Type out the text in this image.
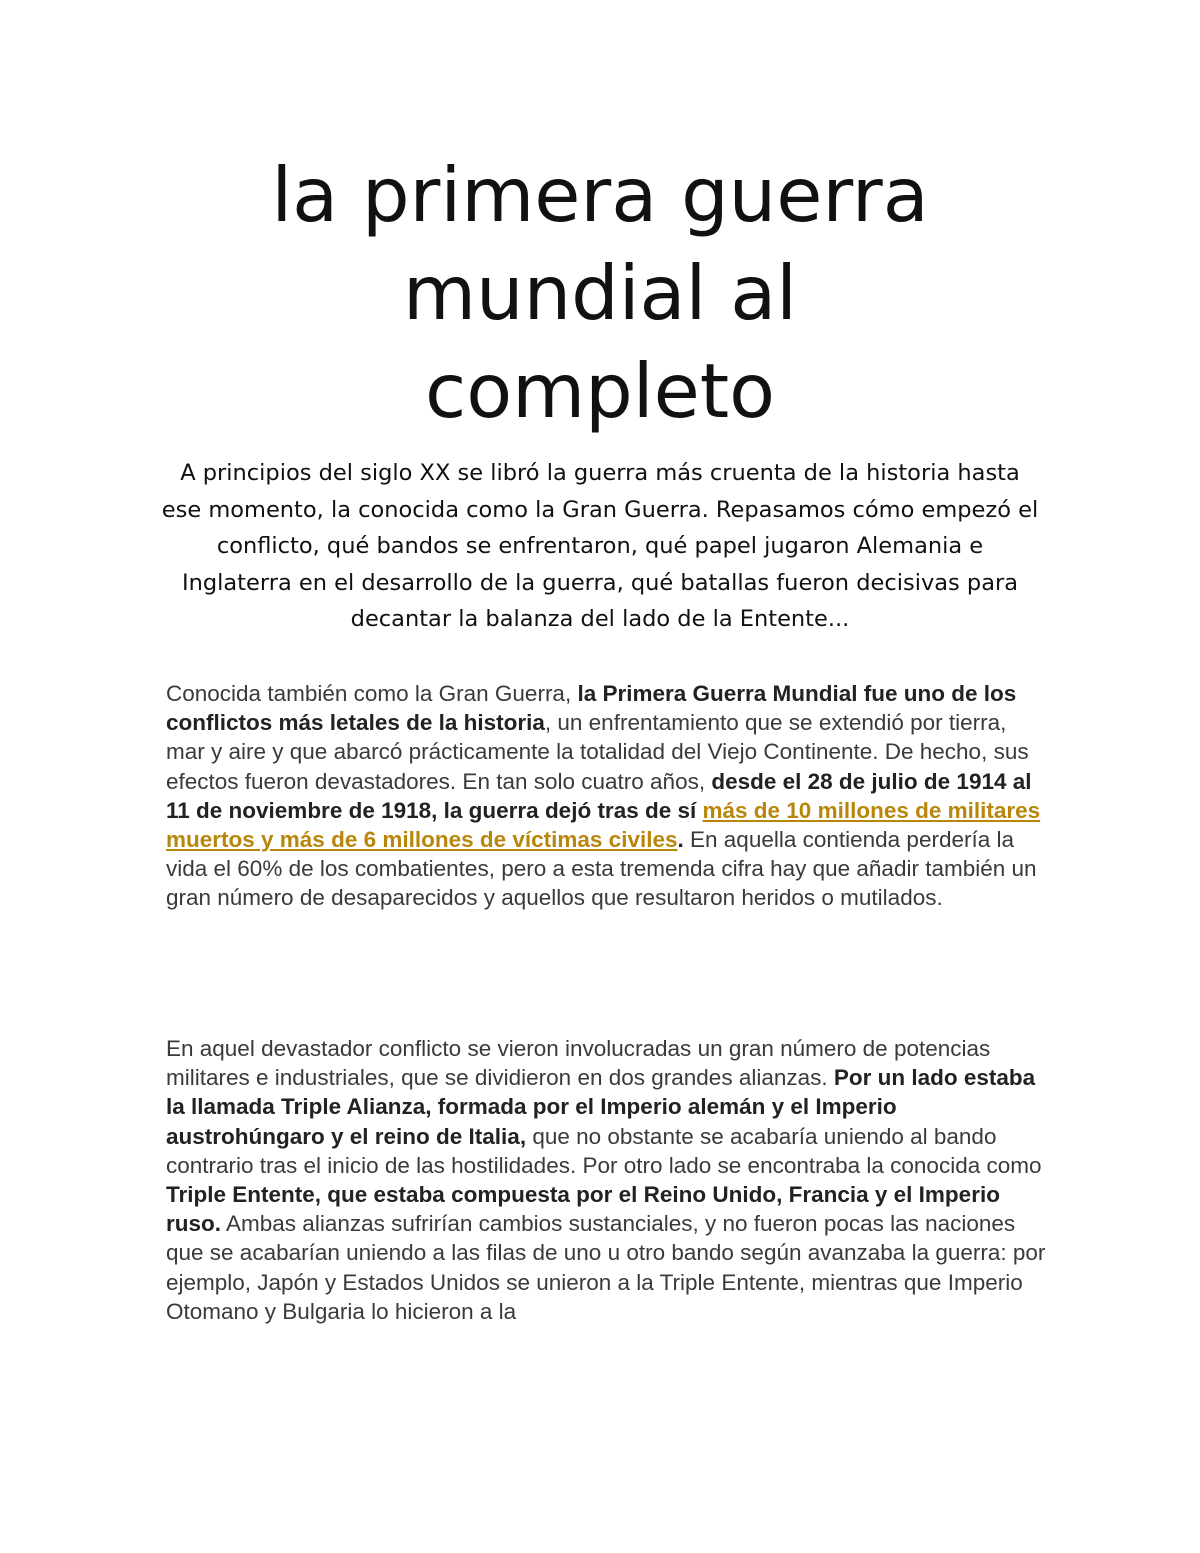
la primera guerra
mundial al
completo

A principios del siglo XX se libró la guerra más cruenta de la historia hasta ese momento, la conocida como la Gran Guerra. Repasamos cómo empezó el conflicto, qué bandos se enfrentaron, qué papel jugaron Alemania e Inglaterra en el desarrollo de la guerra, qué batallas fueron decisivas para decantar la balanza del lado de la Entente...

Conocida también como la Gran Guerra, la Primera Guerra Mundial fue uno de los conflictos más letales de la historia, un enfrentamiento que se extendió por tierra, mar y aire y que abarcó prácticamente la totalidad del Viejo Continente. De hecho, sus efectos fueron devastadores. En tan solo cuatro años, desde el 28 de julio de 1914 al 11 de noviembre de 1918, la guerra dejó tras de sí más de 10 millones de militares muertos y más de 6 millones de víctimas civiles. En aquella contienda perdería la vida el 60% de los combatientes, pero a esta tremenda cifra hay que añadir también un gran número de desaparecidos y aquellos que resultaron heridos o mutilados.

En aquel devastador conflicto se vieron involucradas un gran número de potencias militares e industriales, que se dividieron en dos grandes alianzas. Por un lado estaba la llamada Triple Alianza, formada por el Imperio alemán y el Imperio austrohúngaro y el reino de Italia, que no obstante se acabaría uniendo al bando contrario tras el inicio de las hostilidades. Por otro lado se encontraba la conocida como Triple Entente, que estaba compuesta por el Reino Unido, Francia y el Imperio ruso. Ambas alianzas sufrirían cambios sustanciales, y no fueron pocas las naciones que se acabarían uniendo a las filas de uno u otro bando según avanzaba la guerra: por ejemplo, Japón y Estados Unidos se unieron a la Triple Entente, mientras que Imperio Otomano y Bulgaria lo hicieron a la
